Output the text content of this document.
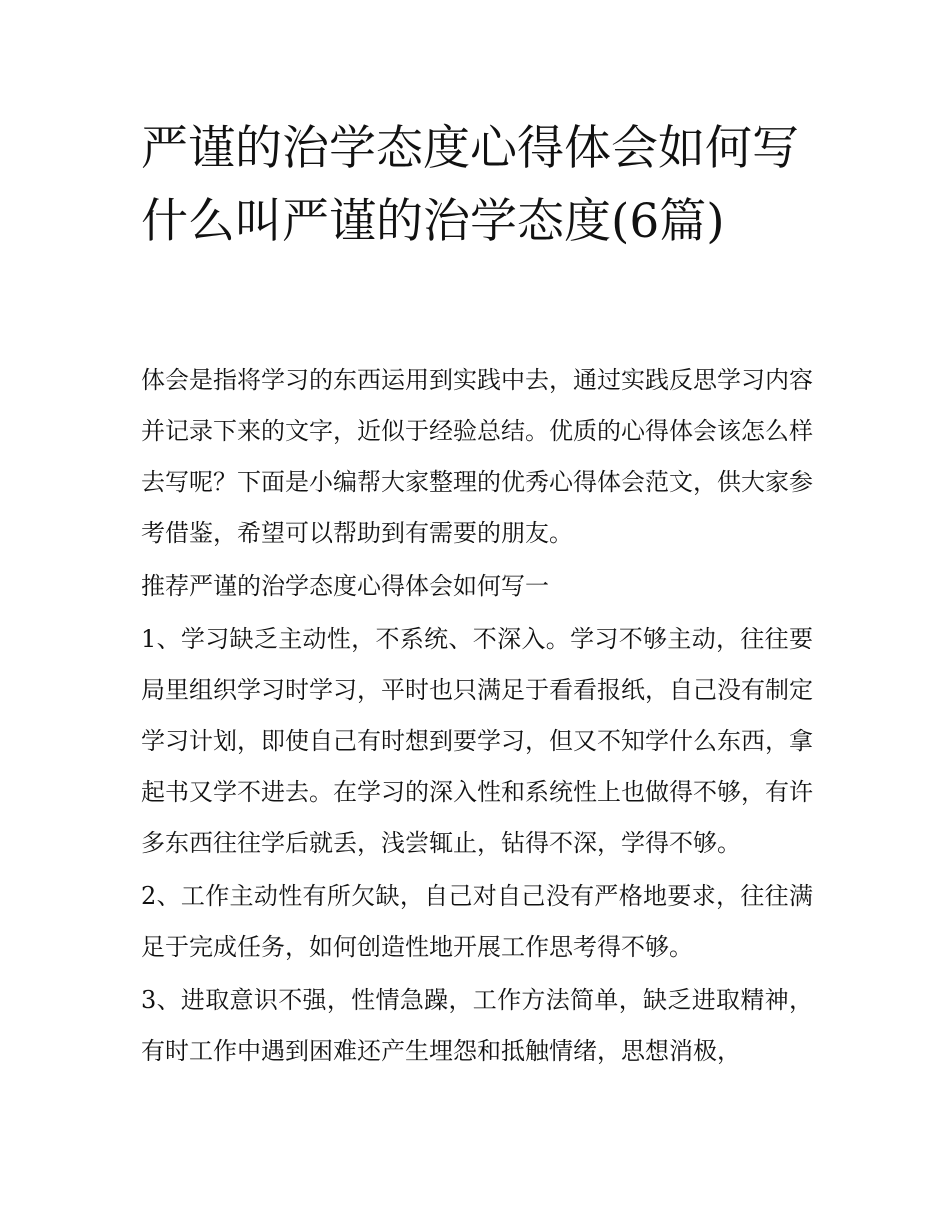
严谨的治学态度心得体会如何写 什么叫严谨的治学态度(6篇)

体会是指将学习的东西运用到实践中去，通过实践反思学习内容并记录下来的文字，近似于经验总结。优质的心得体会该怎么样去写呢？下面是小编帮大家整理的优秀心得体会范文，供大家参考借鉴，希望可以帮助到有需要的朋友。

推荐严谨的治学态度心得体会如何写一

1、学习缺乏主动性，不系统、不深入。学习不够主动，往往要局里组织学习时学习，平时也只满足于看看报纸，自己没有制定学习计划，即使自己有时想到要学习，但又不知学什么东西，拿起书又学不进去。在学习的深入性和系统性上也做得不够，有许多东西往往学后就丢，浅尝辄止，钻得不深，学得不够。

2、工作主动性有所欠缺，自己对自己没有严格地要求，往往满足于完成任务，如何创造性地开展工作思考得不够。

3、进取意识不强，性情急躁，工作方法简单，缺乏进取精神，有时工作中遇到困难还产生埋怨和抵触情绪，思想消极，
